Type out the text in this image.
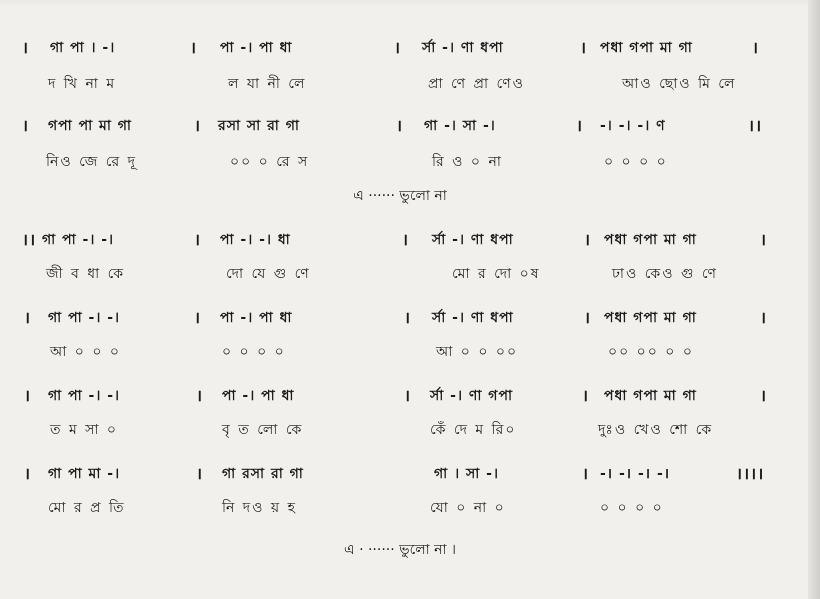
। গা পা । -।	। পা -। পা ধা	। র্সা -। ণা ধপা	। পধা গপা মা গা	।
দ খি না ম	ল যা নী লে	প্রা ণে প্রা ণেও	আও ছোও মি লে
। গপা পা মা গা	। রসা সা রা গা	। গা -। সা -।	। -। -। -। ণ	।।
নিও জে রে দূ	০০ ০ রে স	রি ও ০ না	০ ০ ০ ০
এ ······ ভুলো না
।। গা পা -। -।	। পা -। -। ধা	। র্সা -। ণা ধপা	। পধা গপা মা গা	।
জী ব ধা কে	দো যে গু ণে	মো র দো ০ষ	ঢাও কেও গু ণে
। গা পা -। -।	। পা -। পা ধা	। র্সা -। ণা ধপা	। পধা গপা মা গা	।
আ ০ ০ ০	০ ০ ০ ০	আ ০ ০ ০০	০০ ০০ ০ ০
। গা পা -। -।	। পা -। পা ধা	। র্সা -। ণা গপা	। পধা গপা মা গা	।
ত ম সা ০	বৃ ত লো কে	কেঁ দে ম রি০	দুঃও খেও শো কে
। গা পা মা -।	। গা রসা রা গা	গা । সা -।	। -। -। -। -।	।।।।
মো র প্র তি	নি দও য় হ	যো ০ না ০	০ ০ ০ ০
এ · ······ ভুলো না ।
